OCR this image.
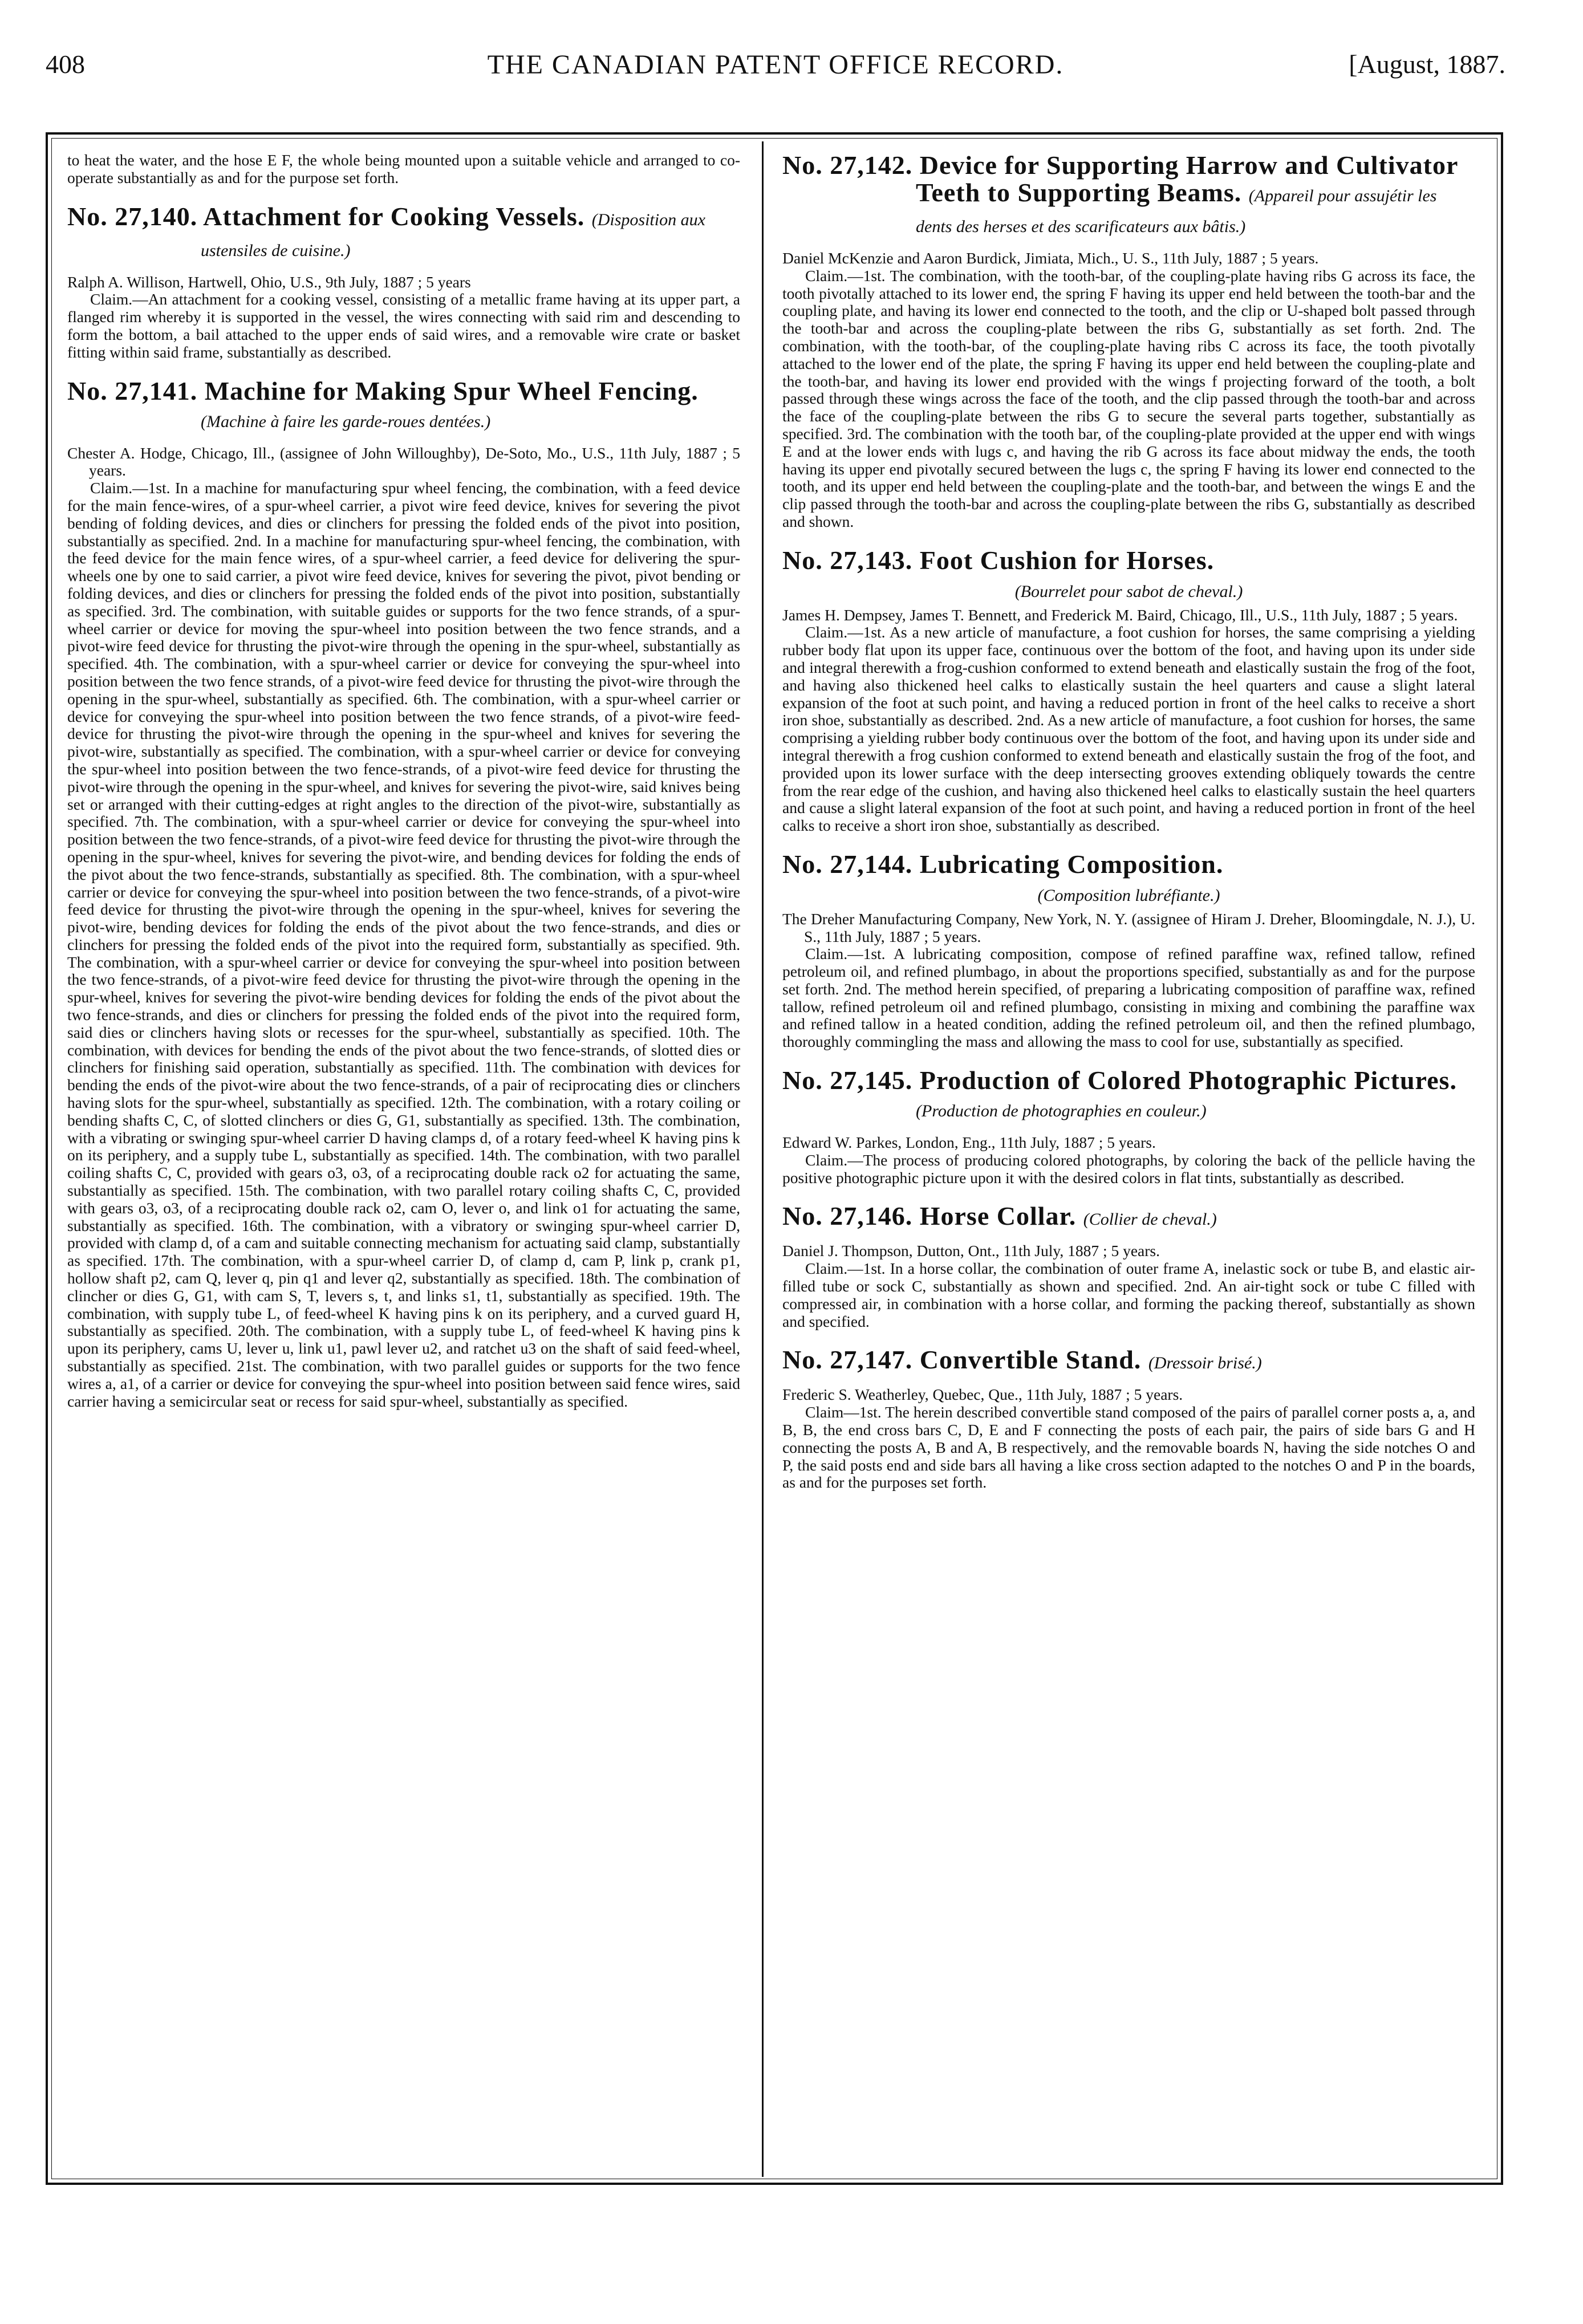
408	THE CANADIAN PATENT OFFICE RECORD.	[August, 1887.

to heat the water, and the hose E F, the whole being mounted upon a suitable vehicle and arranged to co-operate substantially as and for the purpose set forth.

No. 27,140. Attachment for Cooking Vessels. (Disposition aux ustensiles de cuisine.)

Ralph A. Willison, Hartwell, Ohio, U.S., 9th July, 1887 ; 5 years

Claim.—An attachment for a cooking vessel, consisting of a metallic frame having at its upper part, a flanged rim whereby it is supported in the vessel, the wires connecting with said rim and descending to form the bottom, a bail attached to the upper ends of said wires, and a removable wire crate or basket fitting within said frame, substantially as described.

No. 27,141. Machine for Making Spur Wheel Fencing. (Machine à faire les garde-roues dentées.)

Chester A. Hodge, Chicago, Ill., (assignee of John Willoughby), De-Soto, Mo., U.S., 11th July, 1887 ; 5 years.

Claim.—1st. In a machine for manufacturing spur wheel fencing, the combination, with a feed device for the main fence-wires, of a spur-wheel carrier, a pivot wire feed device, knives for severing the pivot bending of folding devices, and dies or clinchers for pressing the folded ends of the pivot into position, substantially as specified. 2nd. In a machine for manufacturing spur-wheel fencing, the combination, with the feed device for the main fence wires, of a spur-wheel carrier, a feed device for delivering the spur-wheels one by one to said carrier, a pivot wire feed device, knives for severing the pivot, pivot bending or folding devices, and dies or clinchers for pressing the folded ends of the pivot into position, substantially as specified. 3rd. The combination, with suitable guides or supports for the two fence strands, of a spur-wheel carrier or device for moving the spur-wheel into position between the two fence strands, and a pivot-wire feed device for thrusting the pivot-wire through the opening in the spur-wheel, substantially as specified. 4th. The combination, with a spur-wheel carrier or device for conveying the spur-wheel into position between the two fence strands, of a pivot-wire feed device for thrusting the pivot-wire through the opening in the spur-wheel, substantially as specified. 6th. The combination, with a spur-wheel carrier or device for conveying the spur-wheel into position between the two fence strands, of a pivot-wire feed-device for thrusting the pivot-wire through the opening in the spur-wheel and knives for severing the pivot-wire, substantially as specified. The combination, with a spur-wheel carrier or device for conveying the spur-wheel into position between the two fence-strands, of a pivot-wire feed device for thrusting the pivot-wire through the opening in the spur-wheel, and knives for severing the pivot-wire, said knives being set or arranged with their cutting-edges at right angles to the direction of the pivot-wire, substantially as specified. 7th. The combination, with a spur-wheel carrier or device for conveying the spur-wheel into position between the two fence-strands, of a pivot-wire feed device for thrusting the pivot-wire through the opening in the spur-wheel, knives for severing the pivot-wire, and bending devices for folding the ends of the pivot about the two fence-strands, substantially as specified. 8th. The combination, with a spur-wheel carrier or device for conveying the spur-wheel into position between the two fence-strands, of a pivot-wire feed device for thrusting the pivot-wire through the opening in the spur-wheel, knives for severing the pivot-wire, bending devices for folding the ends of the pivot about the two fence-strands, and dies or clinchers for pressing the folded ends of the pivot into the required form, substantially as specified. 9th. The combination, with a spur-wheel carrier or device for conveying the spur-wheel into position between the two fence-strands, of a pivot-wire feed device for thrusting the pivot-wire through the opening in the spur-wheel, knives for severing the pivot-wire bending devices for folding the ends of the pivot about the two fence-strands, and dies or clinchers for pressing the folded ends of the pivot into the required form, said dies or clinchers having slots or recesses for the spur-wheel, substantially as specified. 10th. The combination, with devices for bending the ends of the pivot about the two fence-strands, of slotted dies or clinchers for finishing said operation, substantially as specified. 11th. The combination with devices for bending the ends of the pivot-wire about the two fence-strands, of a pair of reciprocating dies or clinchers having slots for the spur-wheel, substantially as specified. 12th. The combination, with a rotary coiling or bending shafts C, C, of slotted clinchers or dies G, G1, substantially as specified. 13th. The combination, with a vibrating or swinging spur-wheel carrier D having clamps d, of a rotary feed-wheel K having pins k on its periphery, and a supply tube L, substantially as specified. 14th. The combination, with two parallel coiling shafts C, C, provided with gears o3, o3, of a reciprocating double rack o2 for actuating the same, substantially as specified. 15th. The combination, with two parallel rotary coiling shafts C, C, provided with gears o3, o3, of a reciprocating double rack o2, cam O, lever o, and link o1 for actuating the same, substantially as specified. 16th. The combination, with a vibratory or swinging spur-wheel carrier D, provided with clamp d, of a cam and suitable connecting mechanism for actuating said clamp, substantially as specified. 17th. The combination, with a spur-wheel carrier D, of clamp d, cam P, link p, crank p1, hollow shaft p2, cam Q, lever q, pin q1 and lever q2, substantially as specified. 18th. The combination of clincher or dies G, G1, with cam S, T, levers s, t, and links s1, t1, substantially as specified. 19th. The combination, with supply tube L, of feed-wheel K having pins k on its periphery, and a curved guard H, substantially as specified. 20th. The combination, with a supply tube L, of feed-wheel K having pins k upon its periphery, cams U, lever u, link u1, pawl lever u2, and ratchet u3 on the shaft of said feed-wheel, substantially as specified. 21st. The combination, with two parallel guides or supports for the two fence wires a, a1, of a carrier or device for conveying the spur-wheel into position between said fence wires, said carrier having a semicircular seat or recess for said spur-wheel, substantially as specified.

No. 27,142. Device for Supporting Harrow and Cultivator Teeth to Supporting Beams. (Appareil pour assujétir les dents des herses et des scarificateurs aux bâtis.)

Daniel McKenzie and Aaron Burdick, Jimiata, Mich., U. S., 11th July, 1887 ; 5 years.

Claim.—1st. The combination, with the tooth-bar, of the coupling-plate having ribs G across its face, the tooth pivotally attached to its lower end, the spring F having its upper end held between the tooth-bar and the coupling plate, and having its lower end connected to the tooth, and the clip or U-shaped bolt passed through the tooth-bar and across the coupling-plate between the ribs G, substantially as set forth. 2nd. The combination, with the tooth-bar, of the coupling-plate having ribs C across its face, the tooth pivotally attached to the lower end of the plate, the spring F having its upper end held between the coupling-plate and the tooth-bar, and having its lower end provided with the wings f projecting forward of the tooth, a bolt passed through these wings across the face of the tooth, and the clip passed through the tooth-bar and across the face of the coupling-plate between the ribs G to secure the several parts together, substantially as specified. 3rd. The combination with the tooth bar, of the coupling-plate provided at the upper end with wings E and at the lower ends with lugs c, and having the rib G across its face about midway the ends, the tooth having its upper end pivotally secured between the lugs c, the spring F having its lower end connected to the tooth, and its upper end held between the coupling-plate and the tooth-bar, and between the wings E and the clip passed through the tooth-bar and across the coupling-plate between the ribs G, substantially as described and shown.

No. 27,143. Foot Cushion for Horses.

(Bourrelet pour sabot de cheval.)

James H. Dempsey, James T. Bennett, and Frederick M. Baird, Chicago, Ill., U.S., 11th July, 1887 ; 5 years.

Claim.—1st. As a new article of manufacture, a foot cushion for horses, the same comprising a yielding rubber body flat upon its upper face, continuous over the bottom of the foot, and having upon its under side and integral therewith a frog-cushion conformed to extend beneath and elastically sustain the frog of the foot, and having also thickened heel calks to elastically sustain the heel quarters and cause a slight lateral expansion of the foot at such point, and having a reduced portion in front of the heel calks to receive a short iron shoe, substantially as described. 2nd. As a new article of manufacture, a foot cushion for horses, the same comprising a yielding rubber body continuous over the bottom of the foot, and having upon its under side and integral therewith a frog cushion conformed to extend beneath and elastically sustain the frog of the foot, and provided upon its lower surface with the deep intersecting grooves extending obliquely towards the centre from the rear edge of the cushion, and having also thickened heel calks to elastically sustain the heel quarters and cause a slight lateral expansion of the foot at such point, and having a reduced portion in front of the heel calks to receive a short iron shoe, substantially as described.

No. 27,144. Lubricating Composition.

(Composition lubréfiante.)

The Dreher Manufacturing Company, New York, N. Y. (assignee of Hiram J. Dreher, Bloomingdale, N. J.), U. S., 11th July, 1887 ; 5 years.

Claim.—1st. A lubricating composition, compose of refined paraffine wax, refined tallow, refined petroleum oil, and refined plumbago, in about the proportions specified, substantially as and for the purpose set forth. 2nd. The method herein specified, of preparing a lubricating composition of paraffine wax, refined tallow, refined petroleum oil and refined plumbago, consisting in mixing and combining the paraffine wax and refined tallow in a heated condition, adding the refined petroleum oil, and then the refined plumbago, thoroughly commingling the mass and allowing the mass to cool for use, substantially as specified.

No. 27,145. Production of Colored Photographic Pictures. (Production de photographies en couleur.)

Edward W. Parkes, London, Eng., 11th July, 1887 ; 5 years.

Claim.—The process of producing colored photographs, by coloring the back of the pellicle having the positive photographic picture upon it with the desired colors in flat tints, substantially as described.

No. 27,146. Horse Collar. (Collier de cheval.)

Daniel J. Thompson, Dutton, Ont., 11th July, 1887 ; 5 years.

Claim.—1st. In a horse collar, the combination of outer frame A, inelastic sock or tube B, and elastic air-filled tube or sock C, substantially as shown and specified. 2nd. An air-tight sock or tube C filled with compressed air, in combination with a horse collar, and forming the packing thereof, substantially as shown and specified.

No. 27,147. Convertible Stand. (Dressoir brisé.)

Frederic S. Weatherley, Quebec, Que., 11th July, 1887 ; 5 years.

Claim—1st. The herein described convertible stand composed of the pairs of parallel corner posts a, a, and B, B, the end cross bars C, D, E and F connecting the posts of each pair, the pairs of side bars G and H connecting the posts A, B and A, B respectively, and the removable boards N, having the side notches O and P, the said posts end and side bars all having a like cross section adapted to the notches O and P in the boards, as and for the purposes set forth.
